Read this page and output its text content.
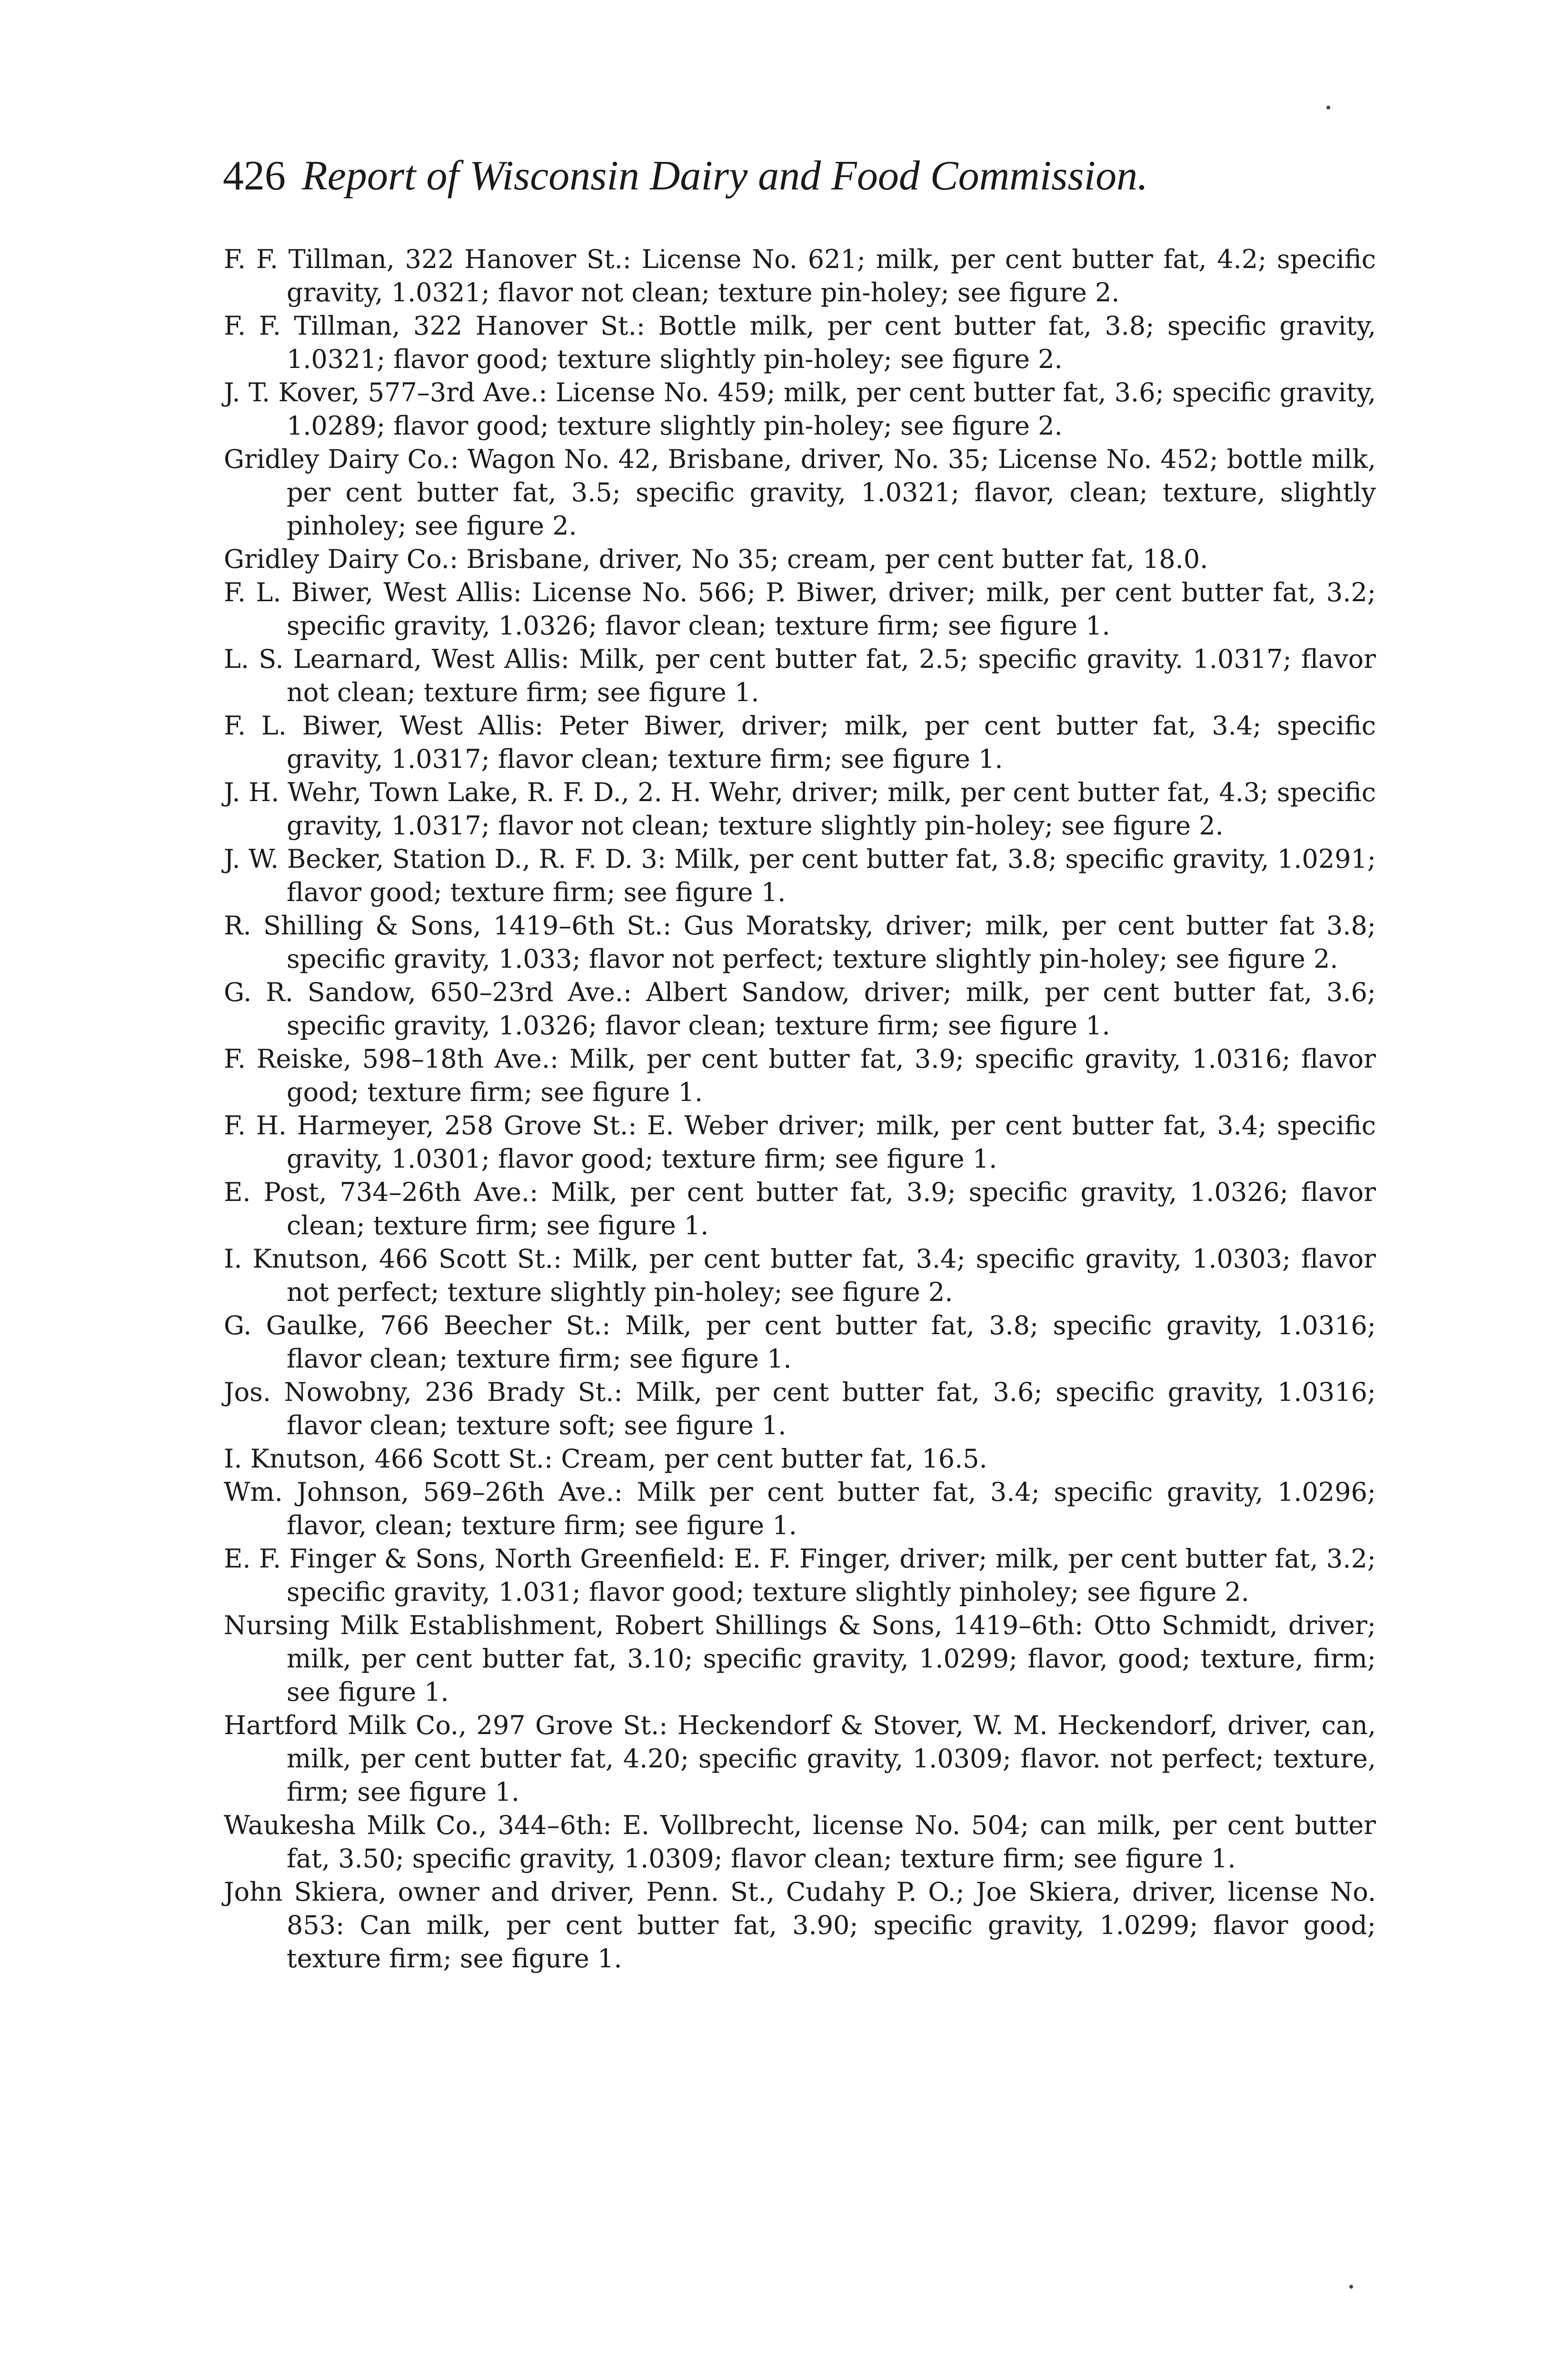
426 Report of Wisconsin Dairy and Food Commission.

F. F. Tillman, 322 Hanover St.: License No. 621; milk, per cent butter fat, 4.2; specific gravity, 1.0321; flavor not clean; texture pin-holey; see figure 2.

F. F. Tillman, 322 Hanover St.: Bottle milk, per cent butter fat, 3.8; specific gravity, 1.0321; flavor good; texture slightly pin-holey; see figure 2.

J. T. Kover, 577–3rd Ave.: License No. 459; milk, per cent butter fat, 3.6; specific gravity, 1.0289; flavor good; texture slightly pin-holey; see figure 2.

Gridley Dairy Co.: Wagon No. 42, Brisbane, driver, No. 35; License No. 452; bottle milk, per cent butter fat, 3.5; specific gravity, 1.0321; flavor, clean; texture, slightly pinholey; see figure 2.

Gridley Dairy Co.: Brisbane, driver, No 35; cream, per cent butter fat, 18.0.

F. L. Biwer, West Allis: License No. 566; P. Biwer, driver; milk, per cent butter fat, 3.2; specific gravity, 1.0326; flavor clean; texture firm; see figure 1.

L. S. Learnard, West Allis: Milk, per cent butter fat, 2.5; specific gravity. 1.0317; flavor not clean; texture firm; see figure 1.

F. L. Biwer, West Allis: Peter Biwer, driver; milk, per cent butter fat, 3.4; specific gravity, 1.0317; flavor clean; texture firm; see figure 1.

J. H. Wehr, Town Lake, R. F. D., 2. H. Wehr, driver; milk, per cent butter fat, 4.3; specific gravity, 1.0317; flavor not clean; texture slightly pin-holey; see figure 2.

J. W. Becker, Station D., R. F. D. 3: Milk, per cent butter fat, 3.8; specific gravity, 1.0291; flavor good; texture firm; see figure 1.

R. Shilling & Sons, 1419–6th St.: Gus Moratsky, driver; milk, per cent butter fat 3.8; specific gravity, 1.033; flavor not perfect; texture slightly pin-holey; see figure 2.

G. R. Sandow, 650–23rd Ave.: Albert Sandow, driver; milk, per cent butter fat, 3.6; specific gravity, 1.0326; flavor clean; texture firm; see figure 1.

F. Reiske, 598–18th Ave.: Milk, per cent butter fat, 3.9; specific gravity, 1.0316; flavor good; texture firm; see figure 1.

F. H. Harmeyer, 258 Grove St.: E. Weber driver; milk, per cent butter fat, 3.4; specific gravity, 1.0301; flavor good; texture firm; see figure 1.

E. Post, 734–26th Ave.: Milk, per cent butter fat, 3.9; specific gravity, 1.0326; flavor clean; texture firm; see figure 1.

I. Knutson, 466 Scott St.: Milk, per cent butter fat, 3.4; specific gravity, 1.0303; flavor not perfect; texture slightly pin-holey; see figure 2.

G. Gaulke, 766 Beecher St.: Milk, per cent butter fat, 3.8; specific gravity, 1.0316; flavor clean; texture firm; see figure 1.

Jos. Nowobny, 236 Brady St.: Milk, per cent butter fat, 3.6; specific gravity, 1.0316; flavor clean; texture soft; see figure 1.

I. Knutson, 466 Scott St.: Cream, per cent butter fat, 16.5.

Wm. Johnson, 569–26th Ave.: Milk per cent butter fat, 3.4; specific gravity, 1.0296; flavor, clean; texture firm; see figure 1.

E. F. Finger & Sons, North Greenfield: E. F. Finger, driver; milk, per cent butter fat, 3.2; specific gravity, 1.031; flavor good; texture slightly pinholey; see figure 2.

Nursing Milk Establishment, Robert Shillings & Sons, 1419–6th: Otto Schmidt, driver; milk, per cent butter fat, 3.10; specific gravity, 1.0299; flavor, good; texture, firm; see figure 1.

Hartford Milk Co., 297 Grove St.: Heckendorf & Stover, W. M. Heckendorf, driver, can, milk, per cent butter fat, 4.20; specific gravity, 1.0309; flavor. not perfect; texture, firm; see figure 1.

Waukesha Milk Co., 344–6th: E. Vollbrecht, license No. 504; can milk, per cent butter fat, 3.50; specific gravity, 1.0309; flavor clean; texture firm; see figure 1.

John Skiera, owner and driver, Penn. St., Cudahy P. O.; Joe Skiera, driver, license No. 853: Can milk, per cent butter fat, 3.90; specific gravity, 1.0299; flavor good; texture firm; see figure 1.
